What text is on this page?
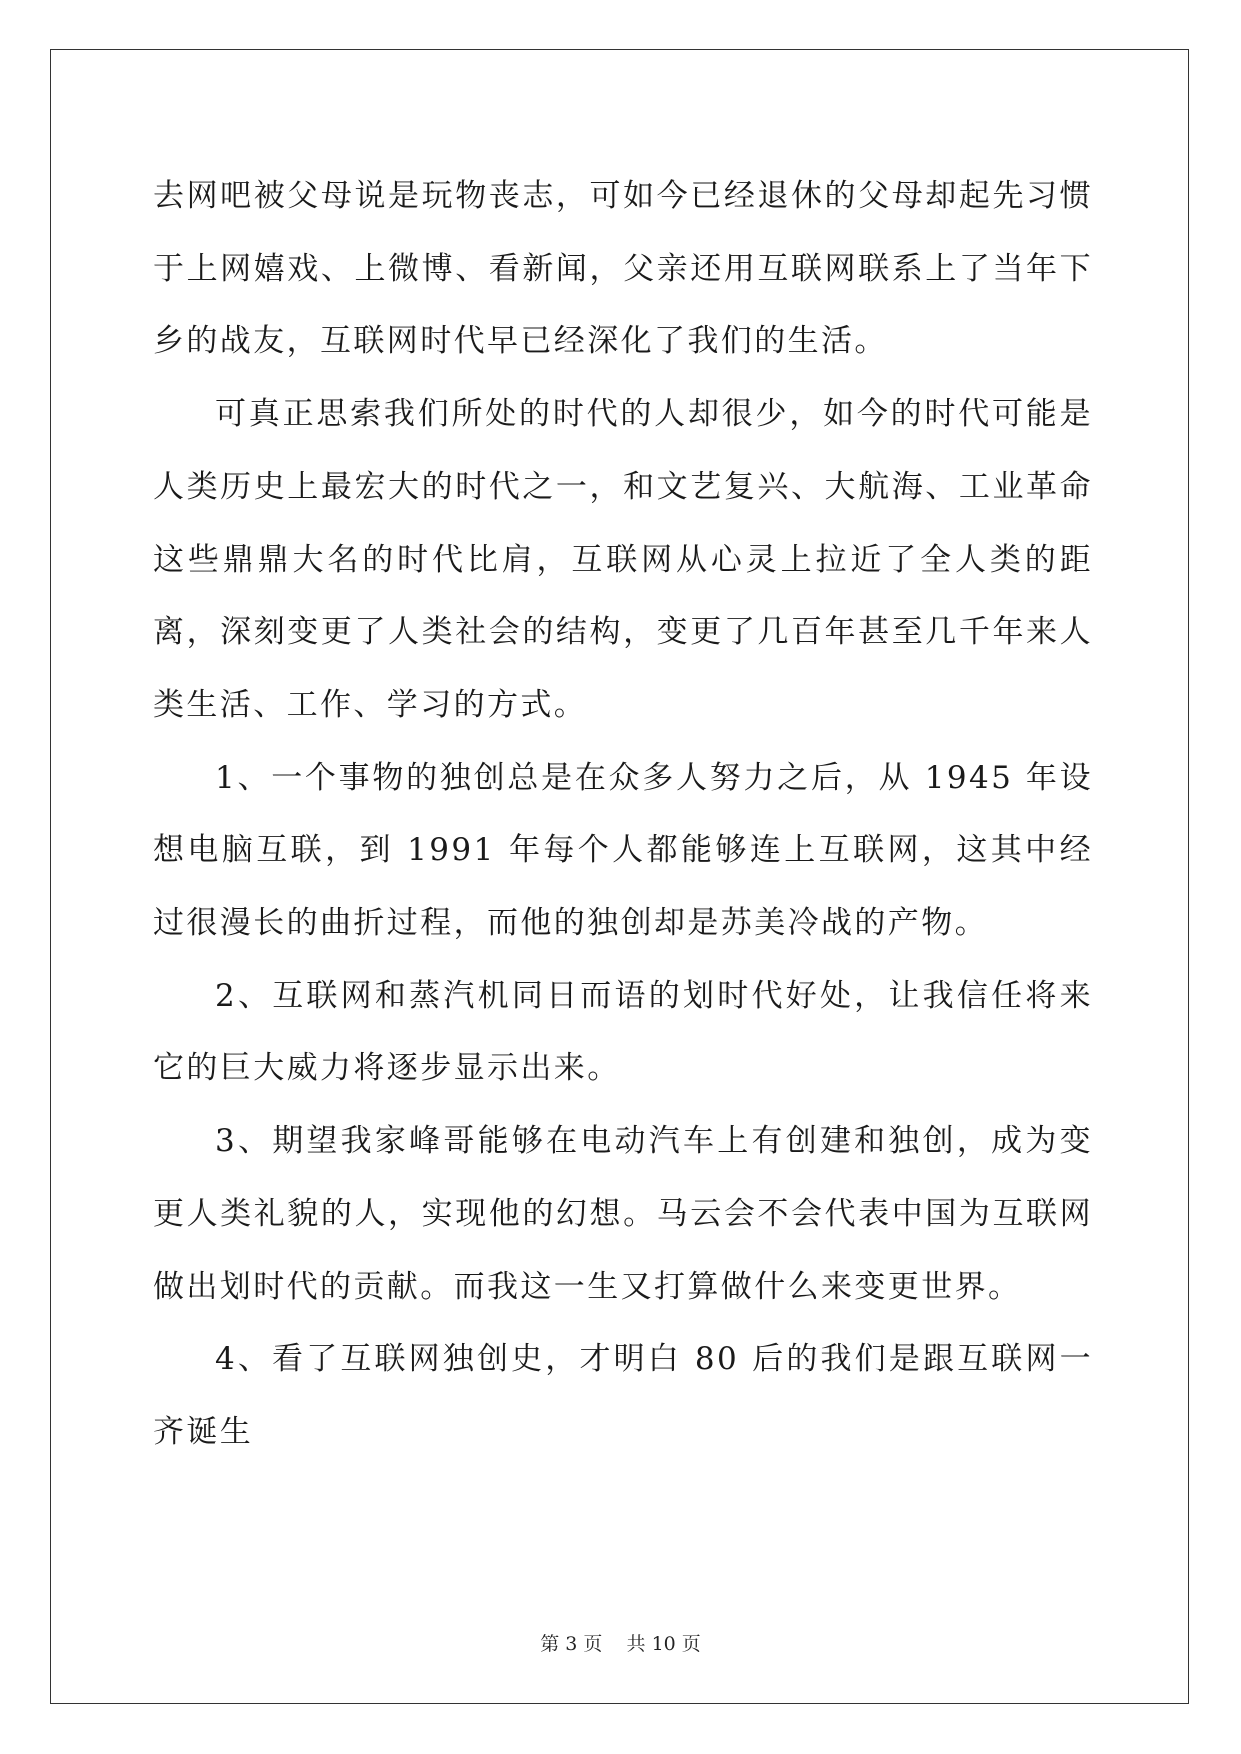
去网吧被父母说是玩物丧志，可如今已经退休的父母却起先习惯于上网嬉戏、上微博、看新闻，父亲还用互联网联系上了当年下乡的战友，互联网时代早已经深化了我们的生活。

可真正思索我们所处的时代的人却很少，如今的时代可能是人类历史上最宏大的时代之一，和文艺复兴、大航海、工业革命这些鼎鼎大名的时代比肩，互联网从心灵上拉近了全人类的距离，深刻变更了人类社会的结构，变更了几百年甚至几千年来人类生活、工作、学习的方式。

1、一个事物的独创总是在众多人努力之后，从 1945 年设想电脑互联，到 1991 年每个人都能够连上互联网，这其中经过很漫长的曲折过程，而他的独创却是苏美冷战的产物。

2、互联网和蒸汽机同日而语的划时代好处，让我信任将来它的巨大威力将逐步显示出来。

3、期望我家峰哥能够在电动汽车上有创建和独创，成为变更人类礼貌的人，实现他的幻想。马云会不会代表中国为互联网做出划时代的贡献。而我这一生又打算做什么来变更世界。

4、看了互联网独创史，才明白 80 后的我们是跟互联网一齐诞生

第 3 页 共 10 页
